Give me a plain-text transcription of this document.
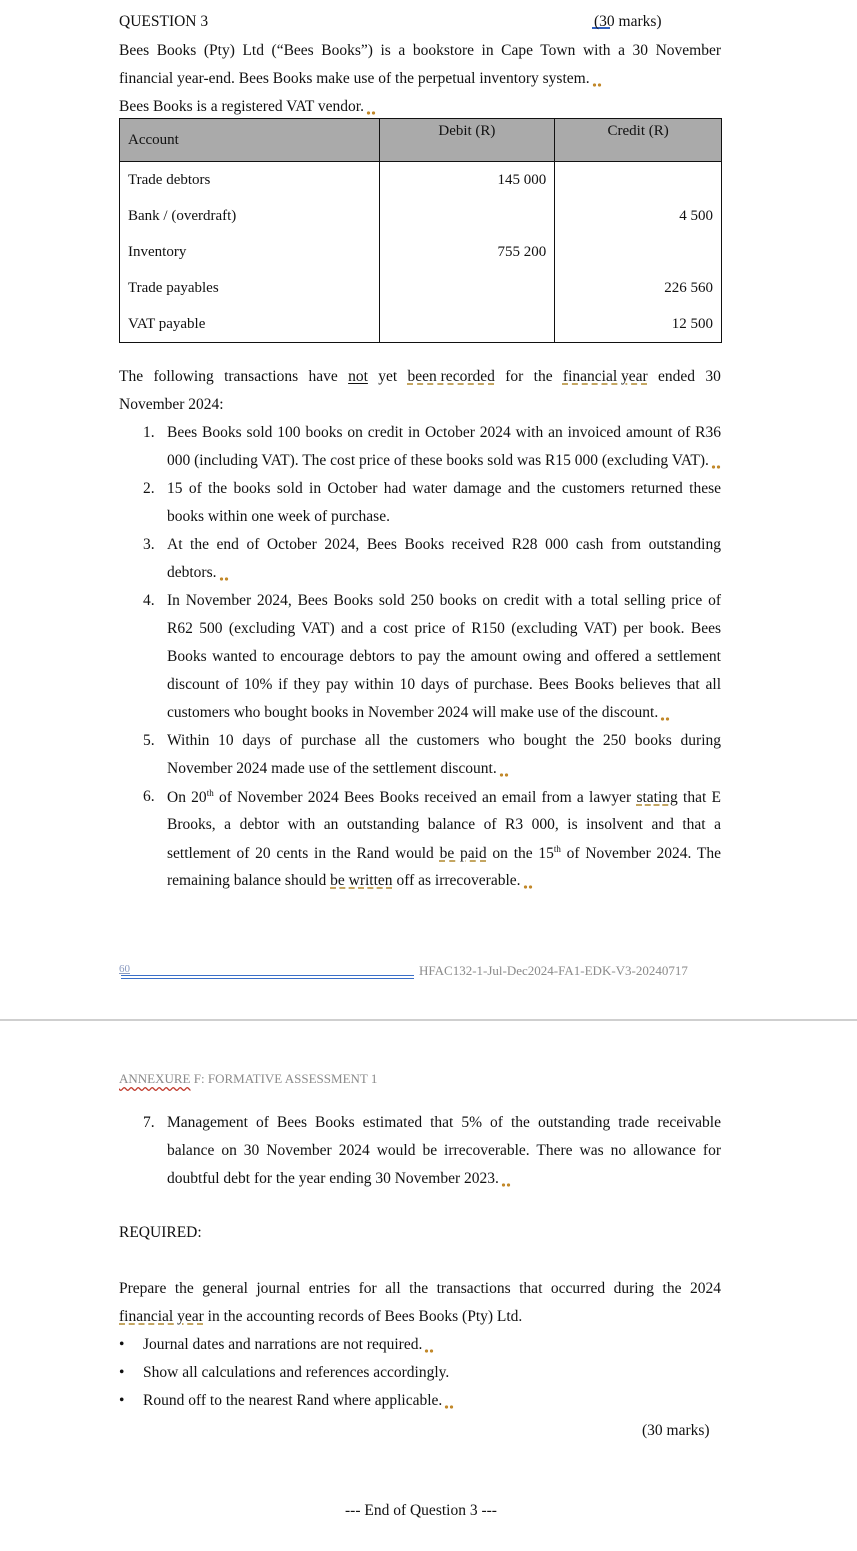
QUESTION 3	(30 marks)
Bees Books (Pty) Ltd (“Bees Books”) is a bookstore in Cape Town with a 30 November
financial year-end. Bees Books make use of the perpetual inventory system.
Bees Books is a registered VAT vendor.
Account	Debit (R)	Credit (R)
Trade debtors	145 000	
Bank / (overdraft)		4 500
Inventory	755 200	
Trade payables		226 560
VAT payable		12 500
The following transactions have not yet been recorded for the financial year ended 30
November 2024:
1. Bees Books sold 100 books on credit in October 2024 with an invoiced amount of R36
000 (including VAT). The cost price of these books sold was R15 000 (excluding VAT).
2. 15 of the books sold in October had water damage and the customers returned these
books within one week of purchase.
3. At the end of October 2024, Bees Books received R28 000 cash from outstanding
debtors.
4. In November 2024, Bees Books sold 250 books on credit with a total selling price of
R62 500 (excluding VAT) and a cost price of R150 (excluding VAT) per book. Bees
Books wanted to encourage debtors to pay the amount owing and offered a settlement
discount of 10% if they pay within 10 days of purchase. Bees Books believes that all
customers who bought books in November 2024 will make use of the discount.
5. Within 10 days of purchase all the customers who bought the 250 books during
November 2024 made use of the settlement discount.
6. On 20th of November 2024 Bees Books received an email from a lawyer stating that E
Brooks, a debtor with an outstanding balance of R3 000, is insolvent and that a
settlement of 20 cents in the Rand would be paid on the 15th of November 2024. The
remaining balance should be written off as irrecoverable.
60	HFAC132-1-Jul-Dec2024-FA1-EDK-V3-20240717
ANNEXURE F: FORMATIVE ASSESSMENT 1
7. Management of Bees Books estimated that 5% of the outstanding trade receivable
balance on 30 November 2024 would be irrecoverable. There was no allowance for
doubtful debt for the year ending 30 November 2023.
REQUIRED:
Prepare the general journal entries for all the transactions that occurred during the 2024
financial year in the accounting records of Bees Books (Pty) Ltd.
• Journal dates and narrations are not required.
• Show all calculations and references accordingly.
• Round off to the nearest Rand where applicable.
(30 marks)
--- End of Question 3 ---
